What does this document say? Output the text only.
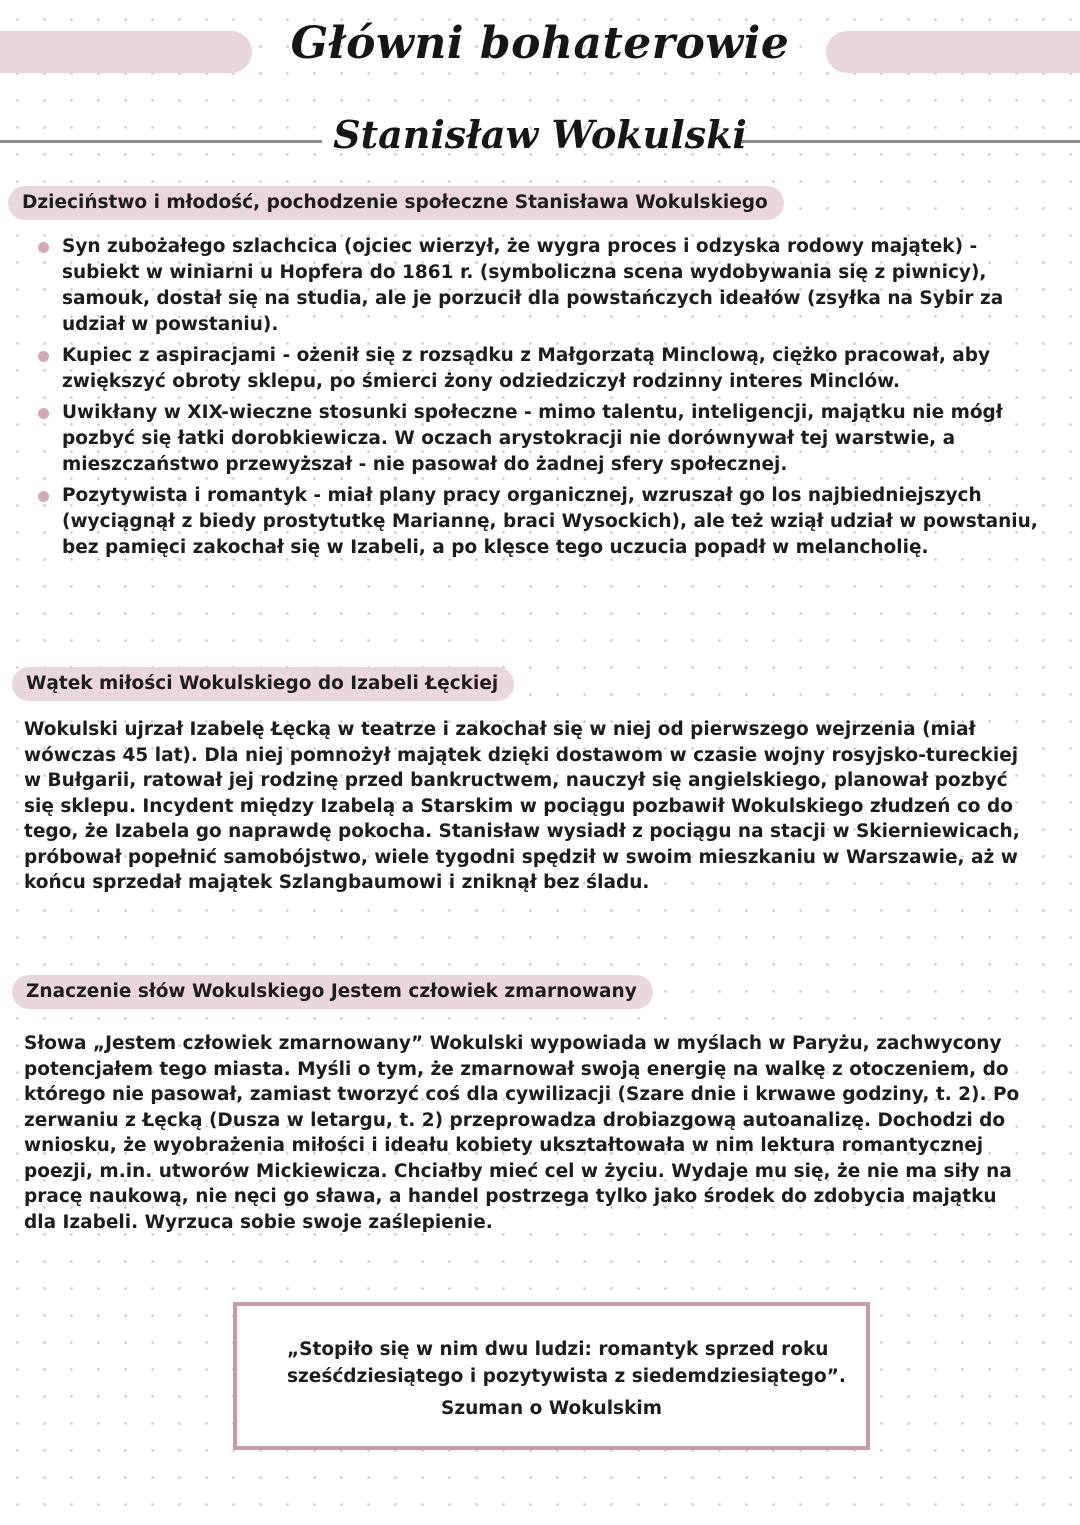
Główni bohaterowie
Stanisław Wokulski
Dzieciństwo i młodość, pochodzenie społeczne Stanisława Wokulskiego
Syn zubożałego szlachcica (ojciec wierzył, że wygra proces i odzyska rodowy majątek) - subiekt w winiarni u Hopfera do 1861 r. (symboliczna scena wydobywania się z piwnicy), samouk, dostał się na studia, ale je porzucił dla powstańczych ideałów (zsyłka na Sybir za udział w powstaniu).
Kupiec z aspiracjami - ożenił się z rozsądku z Małgorzatą Minclową, ciężko pracował, aby zwiększyć obroty sklepu, po śmierci żony odziedziczył rodzinny interes Minclów.
Uwikłany w XIX-wieczne stosunki społeczne - mimo talentu, inteligencji, majątku nie mógł pozbyć się łatki dorobkiewicza. W oczach arystokracji nie dorównywał tej warstwie, a mieszczaństwo przewyższał - nie pasował do żadnej sfery społecznej.
Pozytywista i romantyk - miał plany pracy organicznej, wzruszał go los najbiedniejszych (wyciągnął z biedy prostytutkę Mariannę, braci Wysockich), ale też wziął udział w powstaniu, bez pamięci zakochał się w Izabeli, a po klęsce tego uczucia popadł w melancholię.
Wątek miłości Wokulskiego do Izabeli Łęckiej

Wokulski ujrzał Izabelę Łęcką w teatrze i zakochał się w niej od pierwszego wejrzenia (miał wówczas 45 lat). Dla niej pomnożył majątek dzięki dostawom w czasie wojny rosyjsko-tureckiej w Bułgarii, ratował jej rodzinę przed bankructwem, nauczył się angielskiego, planował pozbyć się sklepu. Incydent między Izabelą a Starskim w pociągu pozbawił Wokulskiego złudzeń co do tego, że Izabela go naprawdę pokocha. Stanisław wysiadł z pociągu na stacji w Skierniewicach, próbował popełnić samobójstwo, wiele tygodni spędził w swoim mieszkaniu w Warszawie, aż w końcu sprzedał majątek Szlangbaumowi i zniknął bez śladu.

Znaczenie słów Wokulskiego Jestem człowiek zmarnowany

Słowa „Jestem człowiek zmarnowany” Wokulski wypowiada w myślach w Paryżu, zachwycony potencjałem tego miasta. Myśli o tym, że zmarnował swoją energię na walkę z otoczeniem, do którego nie pasował, zamiast tworzyć coś dla cywilizacji (Szare dnie i krwawe godziny, t. 2). Po zerwaniu z Łęcką (Dusza w letargu, t. 2) przeprowadza drobiazgową autoanalizę. Dochodzi do wniosku, że wyobrażenia miłości i ideału kobiety ukształtowała w nim lektura romantycznej poezji, m.in. utworów Mickiewicza. Chciałby mieć cel w życiu. Wydaje mu się, że nie ma siły na pracę naukową, nie nęci go sława, a handel postrzega tylko jako środek do zdobycia majątku dla Izabeli. Wyrzuca sobie swoje zaślepienie.

„Stopiło się w nim dwu ludzi: romantyk sprzed roku sześćdziesiątego i pozytywista z siedemdziesiątego”.
Szuman o Wokulskim
